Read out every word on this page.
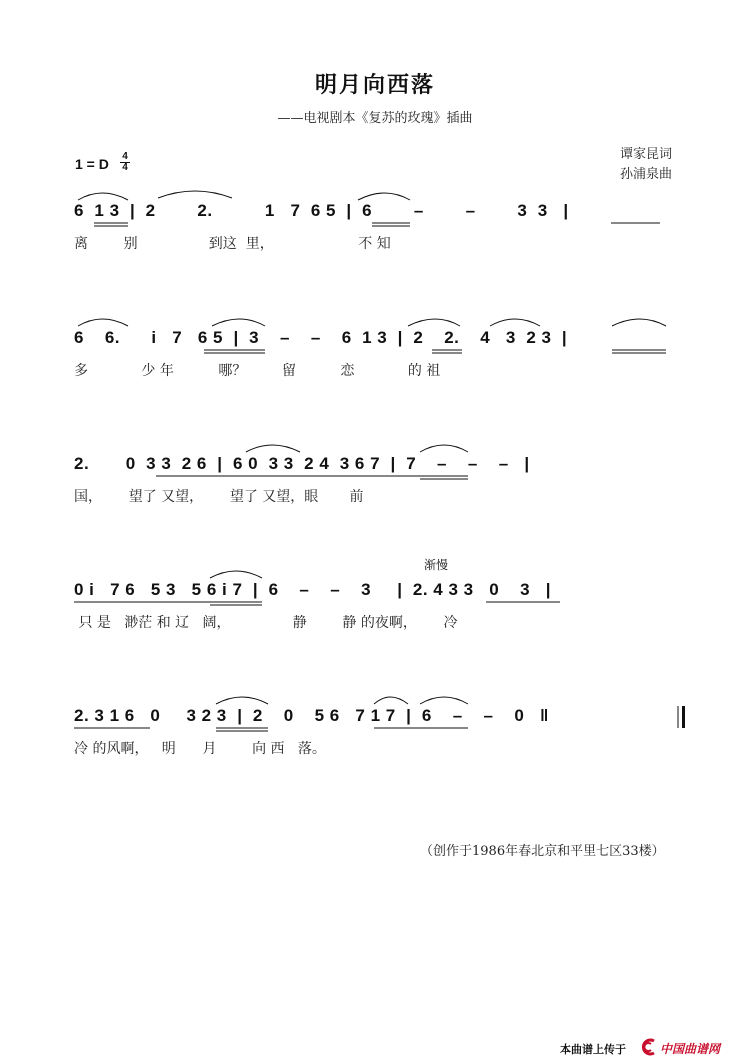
明月向西落
——电视剧本《复苏的玫瑰》插曲
谭家昆词
孙浦泉曲
1 = D	4
4
6  1 3  |  2        2.          1   7  6 5  |  6        –        –        3  3   |
离        别                到这  里，                   不 知
6    6.      i   7   6 5  |  3    –    –    6  1 3  |  2    2.    4   3  2 3  |
多            少 年          哪？        留          恋            的 祖
2.       0  3 3  2 6  |  6 0  3 3  2 4  3 6 7  |  7    –    –    –   |
国，      望了 又望，      望了 又望，眼       前
渐慢
0 i   7 6   5 3   5 6 i 7  |  6    –    –    3     |  2. 4 3 3   0    3   |
只 是   渺茫 和 辽   阔，              静        静 的夜啊，      冷
2. 3 1 6   0     3 2 3  |  2    0    5 6   7 1 7  |  6    –    –    0   ‖
冷 的风啊，   明      月        向 西   落。
（创作于1986年春北京和平里七区33楼）
本曲谱上传于	中国曲谱网
